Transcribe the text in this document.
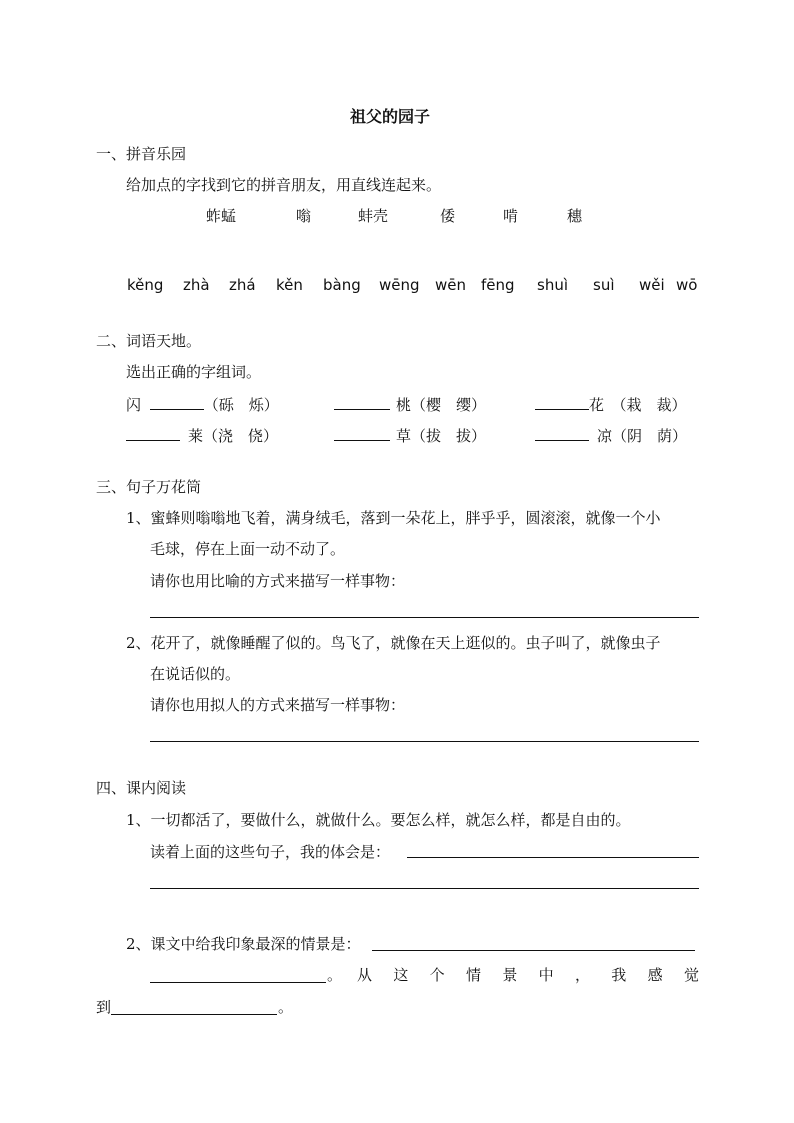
祖父的园子
一、拼音乐园
给加点的字找到它的拼音朋友，用直线连起来。
蚱蜢	嗡	蚌壳	倭	啃	穗
kěng zhà zhá kěn bàng wēng wēn fēng shuì suì wěi wō
二、词语天地。
选出正确的字组词。
闪	（砾　烁）	桃（樱　缨）	花　（栽　裁）
莱（浇　侥）	草（拔　拔）	凉（阴　荫）
三、句子万花筒
1、蜜蜂则嗡嗡地飞着，满身绒毛，落到一朵花上，胖乎乎，圆滚滚，就像一个小
毛球，停在上面一动不动了。
请你也用比喻的方式来描写一样事物：
2、花开了，就像睡醒了似的。鸟飞了，就像在天上逛似的。虫子叫了，就像虫子
在说话似的。
请你也用拟人的方式来描写一样事物：
四、课内阅读
1、一切都活了，要做什么，就做什么。要怎么样，就怎么样，都是自由的。
读着上面的这些句子，我的体会是：
2、课文中给我印象最深的情景是：
。 从 这 个 情 景 中 ， 我 感 觉
到	。
